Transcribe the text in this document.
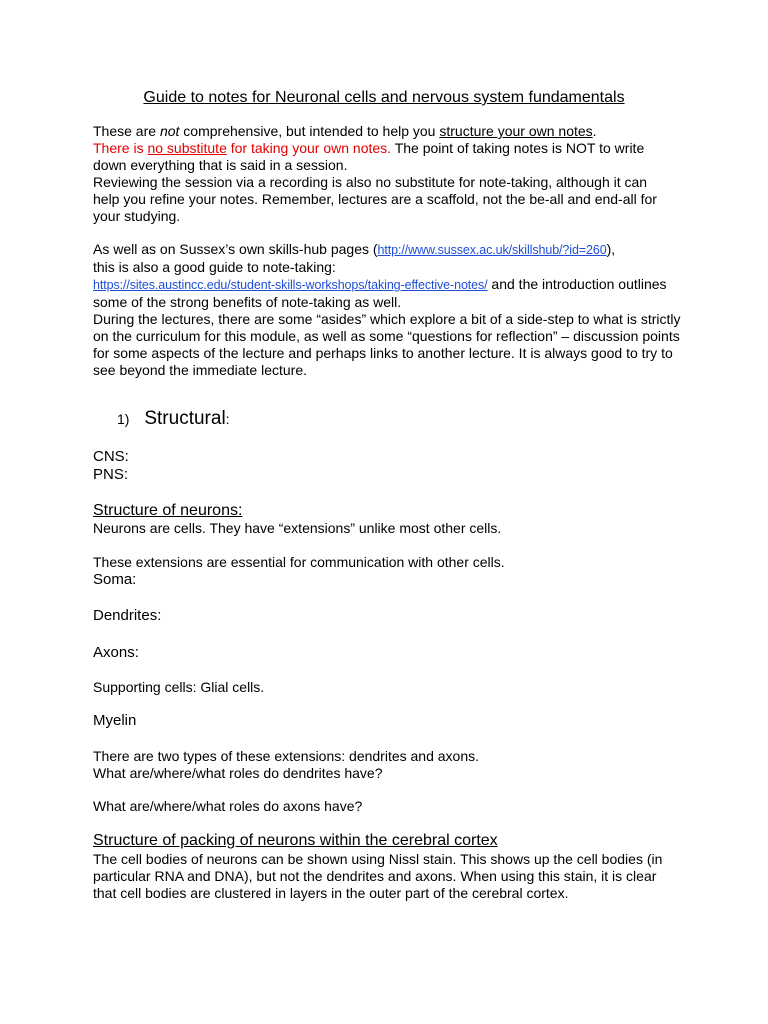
Guide to notes for Neuronal cells and nervous system fundamentals

These are not comprehensive, but intended to help you structure your own notes.
There is no substitute for taking your own notes. The point of taking notes is NOT to write down everything that is said in a session.
Reviewing the session via a recording is also no substitute for note-taking, although it can help you refine your notes. Remember, lectures are a scaffold, not the be-all and end-all for your studying.

As well as on Sussex’s own skills-hub pages (http://www.sussex.ac.uk/skillshub/?id=260),
this is also a good guide to note-taking:
https://sites.austincc.edu/student-skills-workshops/taking-effective-notes/ and the introduction outlines some of the strong benefits of note-taking as well.
During the lectures, there are some “asides” which explore a bit of a side-step to what is strictly on the curriculum for this module, as well as some “questions for reflection” – discussion points for some aspects of the lecture and perhaps links to another lecture. It is always good to try to see beyond the immediate lecture.

1) Structural:
CNS:
PNS:
Structure of neurons:
Neurons are cells. They have “extensions” unlike most other cells.
These extensions are essential for communication with other cells.
Soma:
Dendrites:
Axons:
Supporting cells: Glial cells.
Myelin
There are two types of these extensions: dendrites and axons.
What are/where/what roles do dendrites have?
What are/where/what roles do axons have?
Structure of packing of neurons within the cerebral cortex

The cell bodies of neurons can be shown using Nissl stain. This shows up the cell bodies (in particular RNA and DNA), but not the dendrites and axons. When using this stain, it is clear that cell bodies are clustered in layers in the outer part of the cerebral cortex.
